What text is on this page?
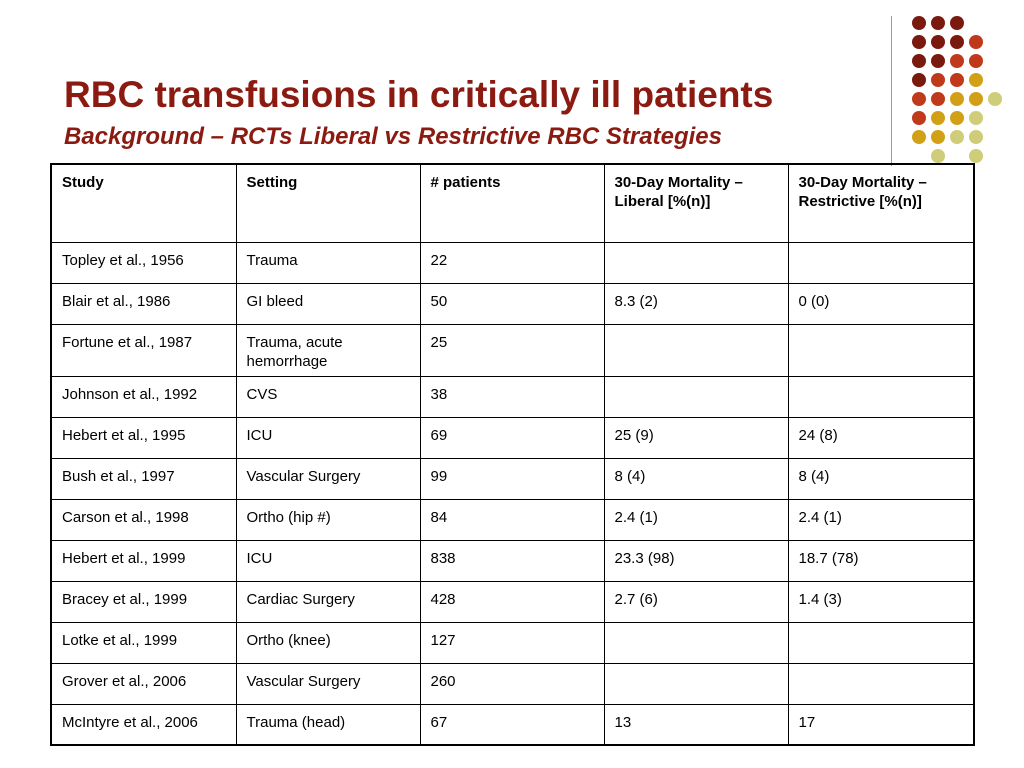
RBC transfusions in critically ill patients
Background – RCTs Liberal vs Restrictive RBC Strategies
Study	Setting	# patients	30-Day Mortality – Liberal [%(n)]	30-Day Mortality – Restrictive [%(n)]
Topley et al., 1956	Trauma	22		
Blair et al., 1986	GI bleed	50	8.3 (2)	0 (0)
Fortune et al., 1987	Trauma, acute hemorrhage	25		
Johnson et al., 1992	CVS	38		
Hebert et al., 1995	ICU	69	25 (9)	24 (8)
Bush et al., 1997	Vascular Surgery	99	8 (4)	8 (4)
Carson et al., 1998	Ortho (hip #)	84	2.4 (1)	2.4 (1)
Hebert et al., 1999	ICU	838	23.3 (98)	18.7 (78)
Bracey et al., 1999	Cardiac Surgery	428	2.7 (6)	1.4 (3)
Lotke et al., 1999	Ortho (knee)	127		
Grover et al., 2006	Vascular Surgery	260		
McIntyre et al., 2006	Trauma (head)	67	13	17
